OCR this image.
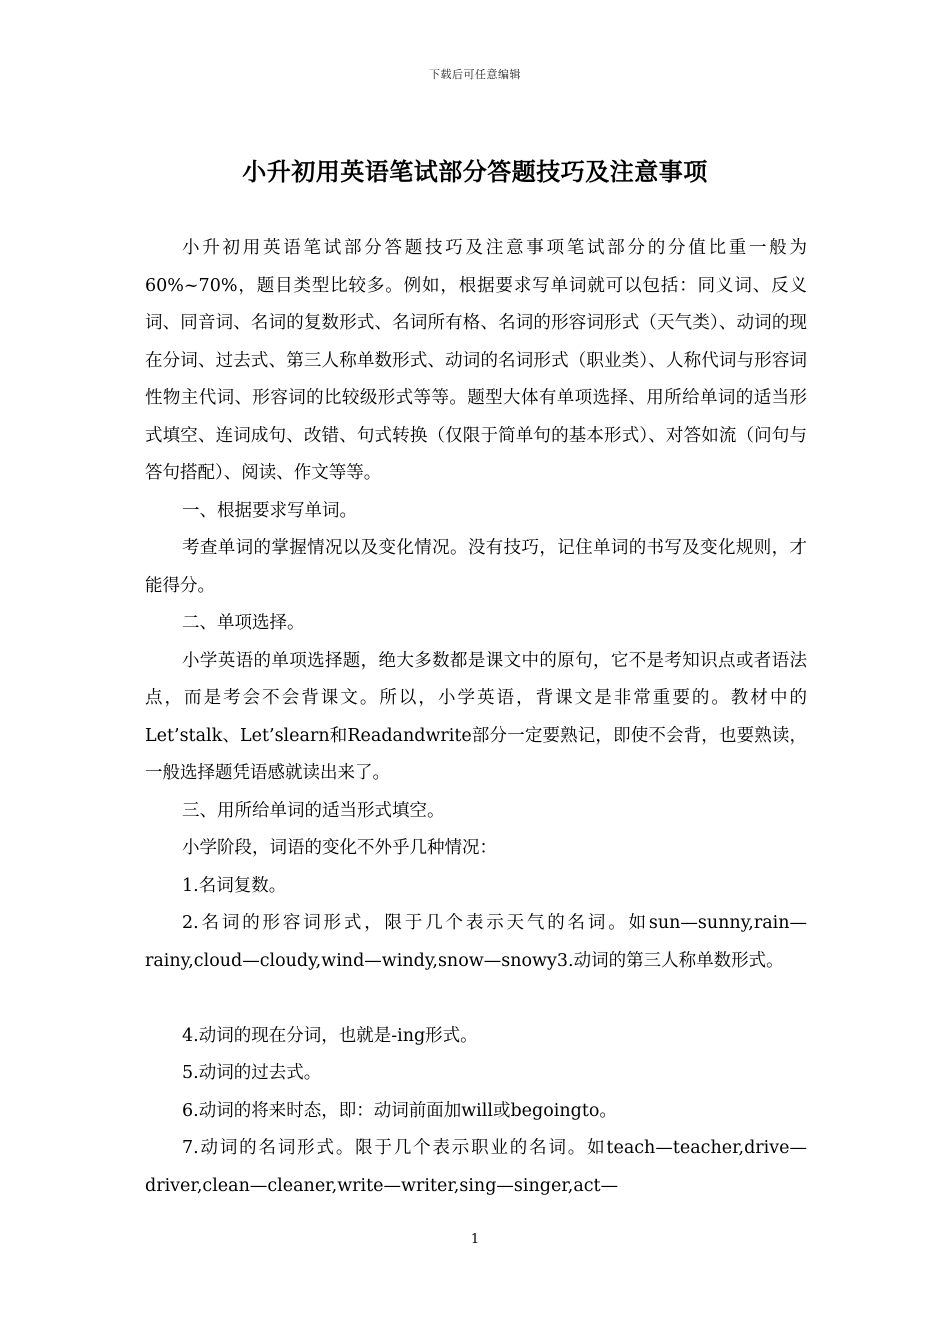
下载后可任意编辑
小升初用英语笔试部分答题技巧及注意事项

小升初用英语笔试部分答题技巧及注意事项笔试部分的分值比重一般为60%~70%，题目类型比较多。例如，根据要求写单词就可以包括：同义词、反义词、同音词、名词的复数形式、名词所有格、名词的形容词形式（天气类）、动词的现在分词、过去式、第三人称单数形式、动词的名词形式（职业类）、人称代词与形容词性物主代词、形容词的比较级形式等等。题型大体有单项选择、用所给单词的适当形式填空、连词成句、改错、句式转换（仅限于简单句的基本形式）、对答如流（问句与答句搭配）、阅读、作文等等。

一、根据要求写单词。

考查单词的掌握情况以及变化情况。没有技巧，记住单词的书写及变化规则，才能得分。

二、单项选择。

小学英语的单项选择题，绝大多数都是课文中的原句，它不是考知识点或者语法点，而是考会不会背课文。所以，小学英语，背课文是非常重要的。教材中的Let’stalk、Let’slearn和Readandwrite部分一定要熟记，即使不会背，也要熟读，一般选择题凭语感就读出来了。

三、用所给单词的适当形式填空。

小学阶段，词语的变化不外乎几种情况：

1.名词复数。

2.名词的形容词形式，限于几个表示天气的名词。如sun—sunny,rain—rainy,cloud—cloudy,wind—windy,snow—snowy3.动词的第三人称单数形式。

4.动词的现在分词，也就是-ing形式。

5.动词的过去式。

6.动词的将来时态，即：动词前面加will或begoingto。

7.动词的名词形式。限于几个表示职业的名词。如teach—teacher,drive—driver,clean—cleaner,write—writer,sing—singer,act—

1
